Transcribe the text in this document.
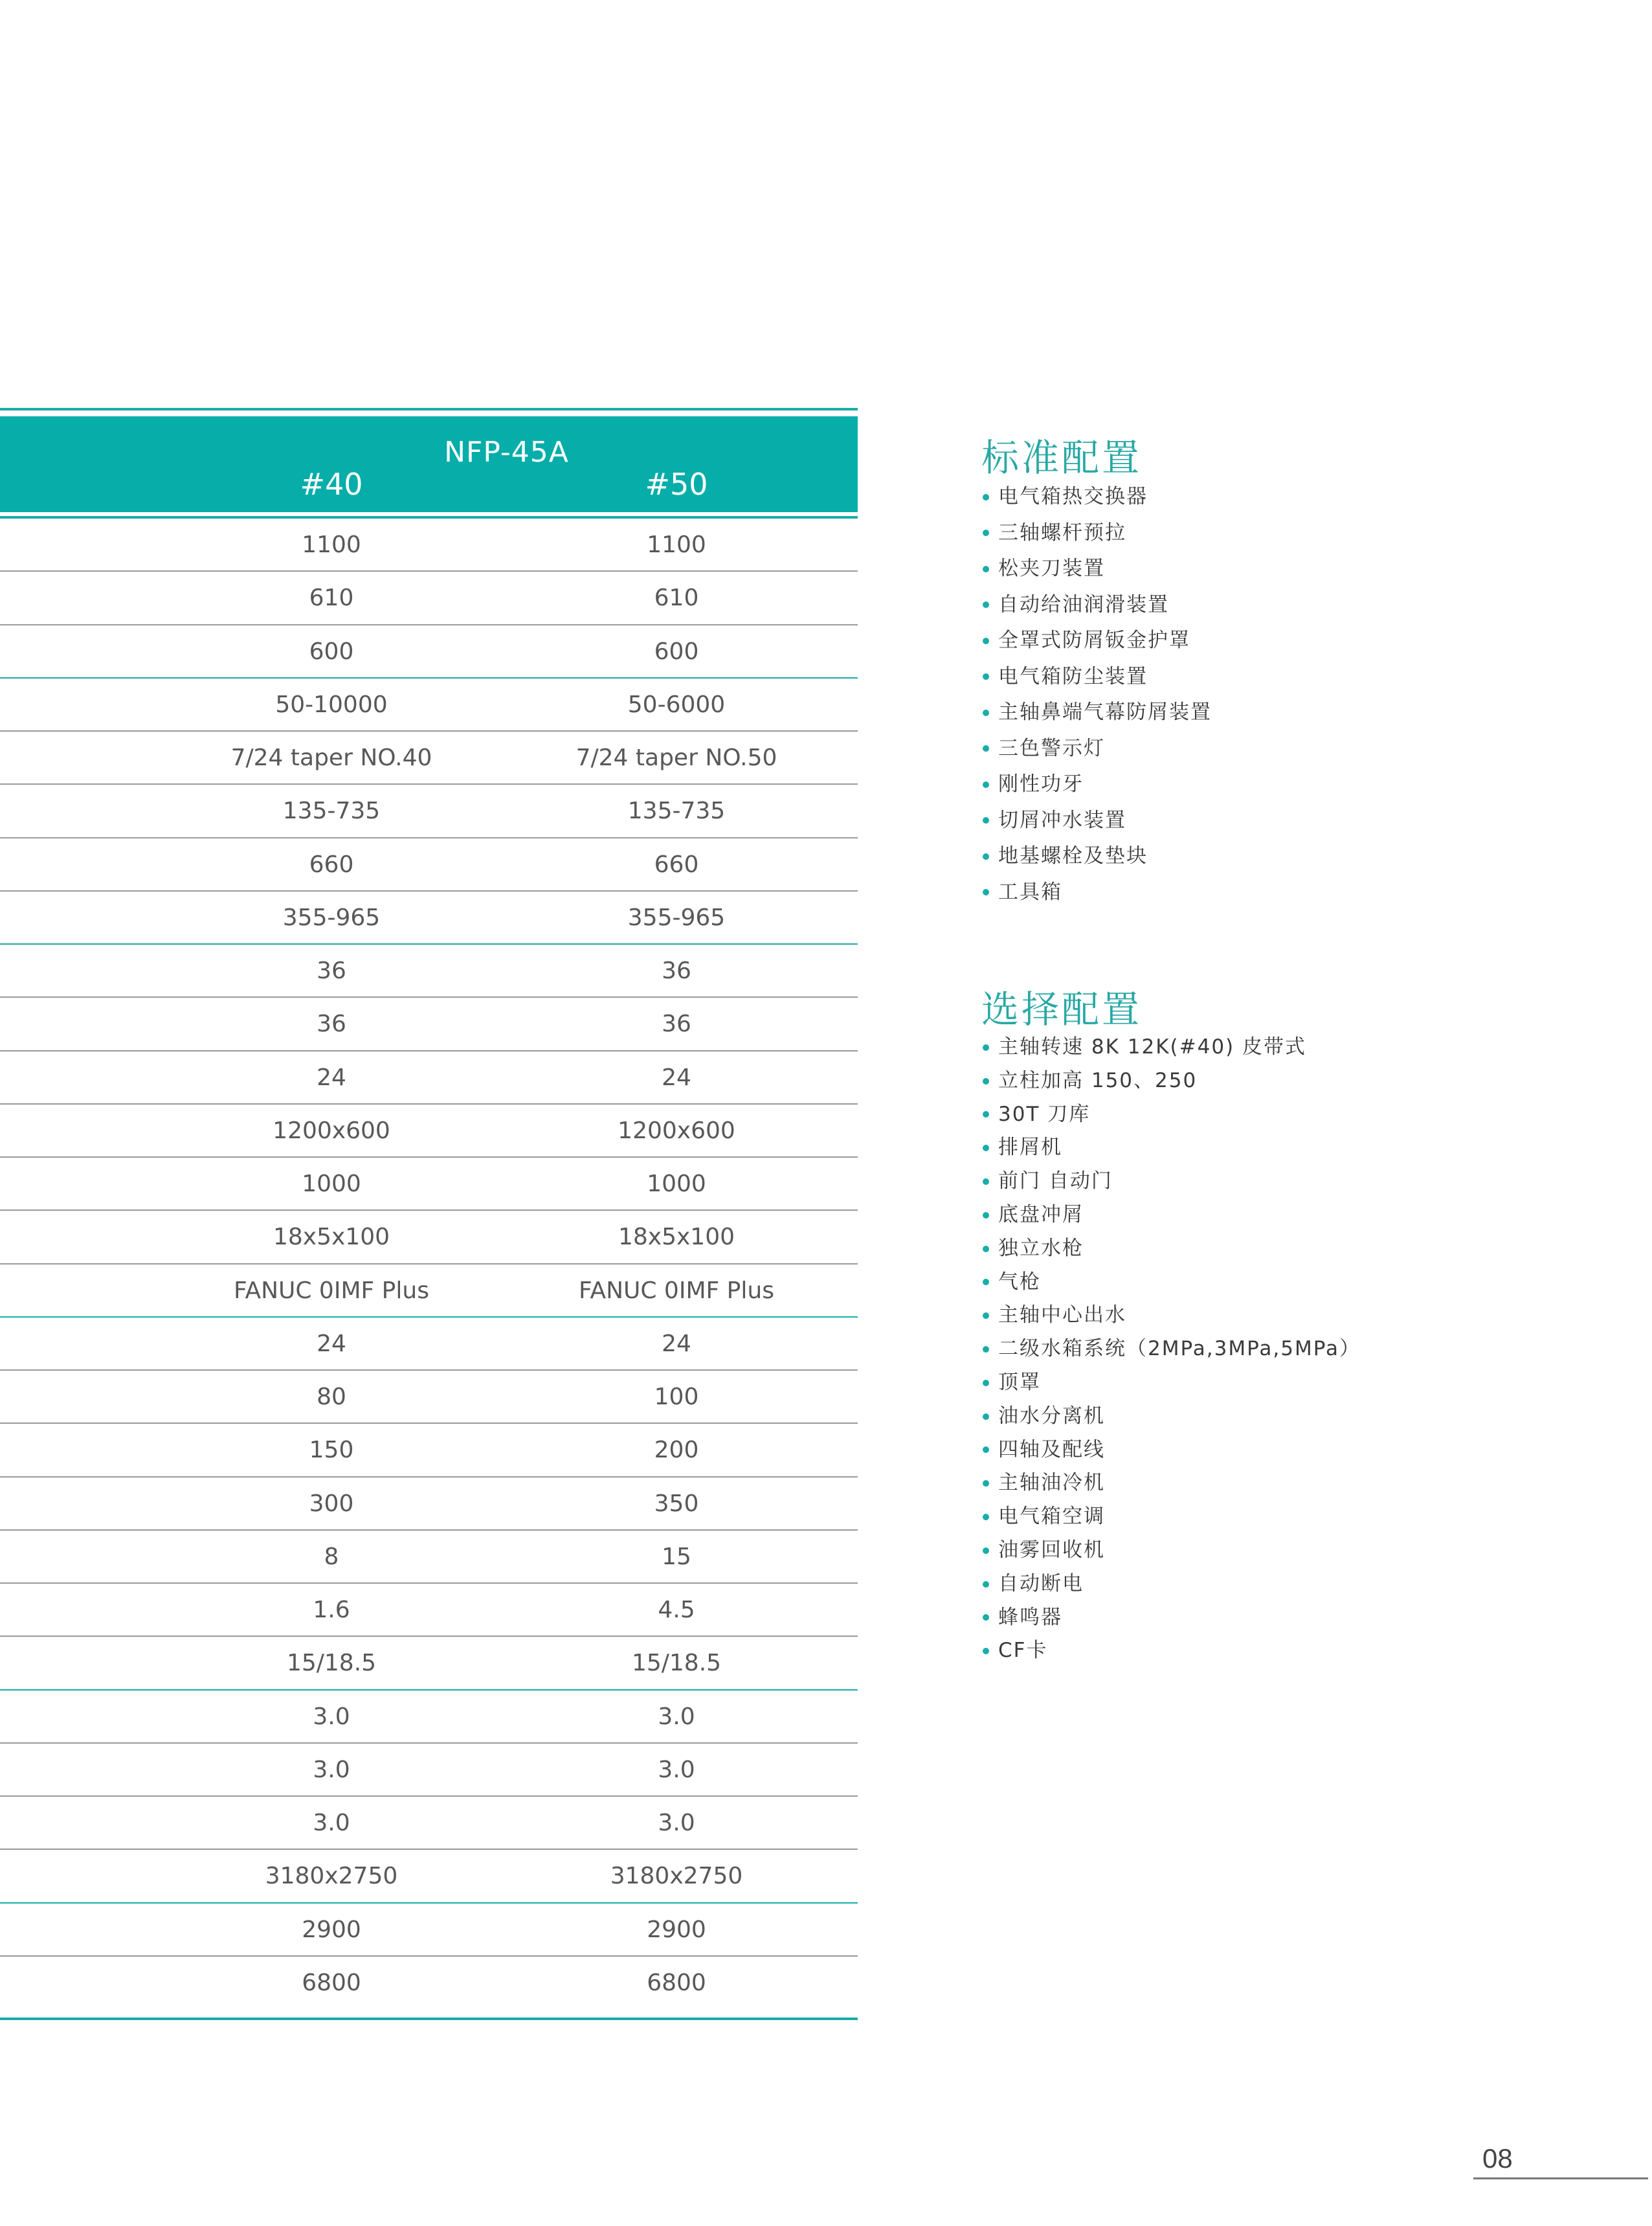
NFP-45A
#40	#50
1100	1100
610	610
600	600
50-10000	50-6000
7/24 taper NO.40	7/24 taper NO.50
135-735	135-735
660	660
355-965	355-965
36	36
36	36
24	24
1200x600	1200x600
1000	1000
18x5x100	18x5x100
FANUC 0IMF Plus	FANUC 0IMF Plus
24	24
80	100
150	200
300	350
8	15
1.6	4.5
15/18.5	15/18.5
3.0	3.0
3.0	3.0
3.0	3.0
3180x2750	3180x2750
2900	2900
6800	6800
标准配置
电气箱热交换器
三轴螺杆预拉
松夹刀装置
自动给油润滑装置
全罩式防屑钣金护罩
电气箱防尘装置
主轴鼻端气幕防屑装置
三色警示灯
刚性功牙
切屑冲水装置
地基螺栓及垫块
工具箱
选择配置
主轴转速 8K 12K(#40) 皮带式
立柱加高 150、250
30T 刀库
排屑机
前门 自动门
底盘冲屑
独立水枪
气枪
主轴中心出水
二级水箱系统（2MPa,3MPa,5MPa）
顶罩
油水分离机
四轴及配线
主轴油冷机
电气箱空调
油雾回收机
自动断电
蜂鸣器
CF卡
08
